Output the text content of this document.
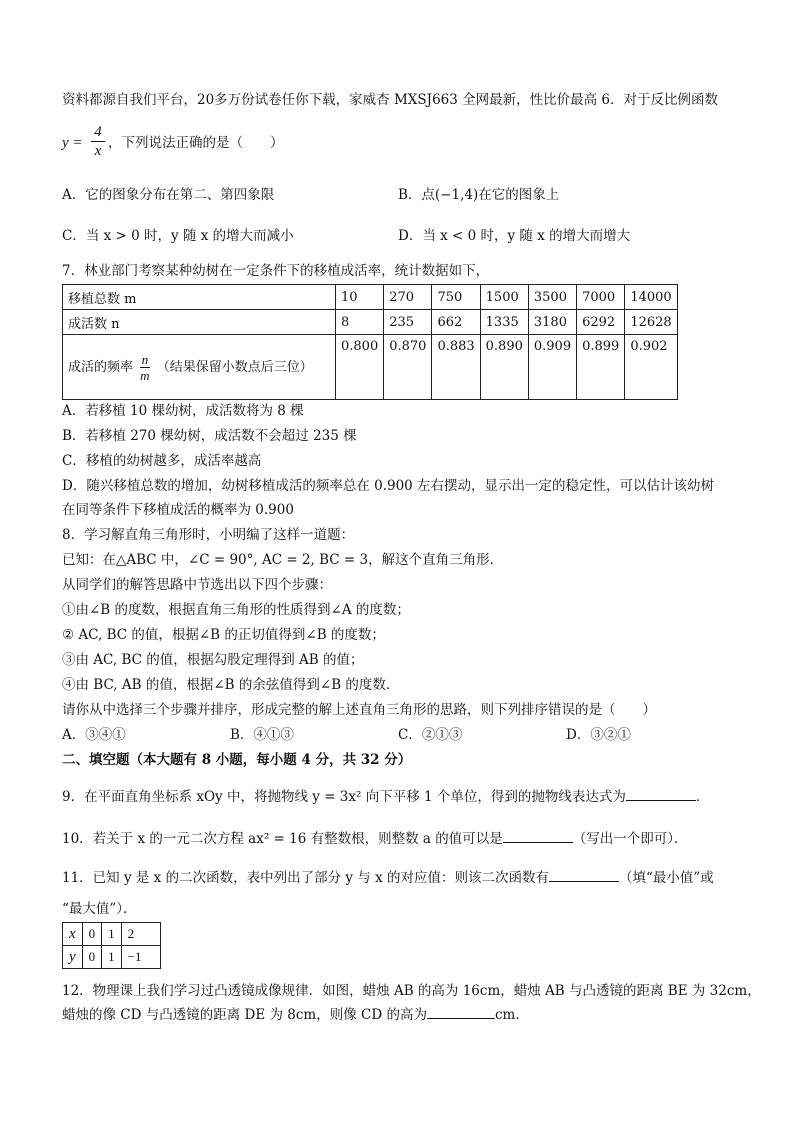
资料都源自我们平台，20多万份试卷任你下载，家威杏 MXSJ663 全网最新，性比价最高 6．对于反比例函数
y =
4
x ，下列说法正确的是（　　）
A．它的图象分布在第二、第四象限	B．点(−1,4)在它的图象上
C．当 x > 0 时，y 随 x 的增大而减小	D．当 x < 0 时，y 随 x 的增大而增大
7．林业部门考察某种幼树在一定条件下的移植成活率，统计数据如下，
移植总数 m	10	270	750	1500	3500	7000	14000
成活数 n	8	235	662	1335	3180	6292	12628
成活的频率 $\frac{n}{m}$ （结果保留小数点后三位）	0.800	0.870	0.883	0.890	0.909	0.899	0.902
A．若移植 10 棵幼树，成活数将为 8 棵
B．若移植 270 棵幼树，成活数不会超过 235 棵
C．移植的幼树越多，成活率越高
D．随兴移植总数的增加，幼树移植成活的频率总在 0.900 左右摆动，显示出一定的稳定性，可以估计该幼树
在同等条件下移植成活的概率为 0.900
8．学习解直角三角形时，小明编了这样一道题：
已知：在△ABC 中，∠C = 90°, AC = 2, BC = 3，解这个直角三角形．
从同学们的解答思路中节选出以下四个步骤：
①由∠B 的度数，根据直角三角形的性质得到∠A 的度数；
② AC, BC 的值，根据∠B 的正切值得到∠B 的度数；
③由 AC, BC 的值，根据勾股定理得到 AB 的值；
④由 BC, AB 的值，根据∠B 的余弦值得到∠B 的度数．
请你从中选择三个步骤并排序，形成完整的解上述直角三角形的思路，则下列排序错误的是（　　）
A．③④①	B．④①③	C．②①③	D．③②①
二、填空题（本大题有 8 小题，每小题 4 分，共 32 分）
9．在平面直角坐标系 xOy 中，将抛物线 y = 3x² 向下平移 1 个单位，得到的抛物线表达式为	．
10．若关于 x 的一元二次方程 ax² = 16 有整数根，则整数 a 的值可以是	（写出一个即可）．
11．已知 y 是 x 的二次函数，表中列出了部分 y 与 x 的对应值：则该二次函数有	（填“最小值”或
“最大值”）．
x	0	1	2
y	0	1	−1
12．物理课上我们学习过凸透镜成像规律．如图，蜡烛 AB 的高为 16cm，蜡烛 AB 与凸透镜的距离 BE 为 32cm，
蜡烛的像 CD 与凸透镜的距离 DE 为 8cm，则像 CD 的高为	cm．
